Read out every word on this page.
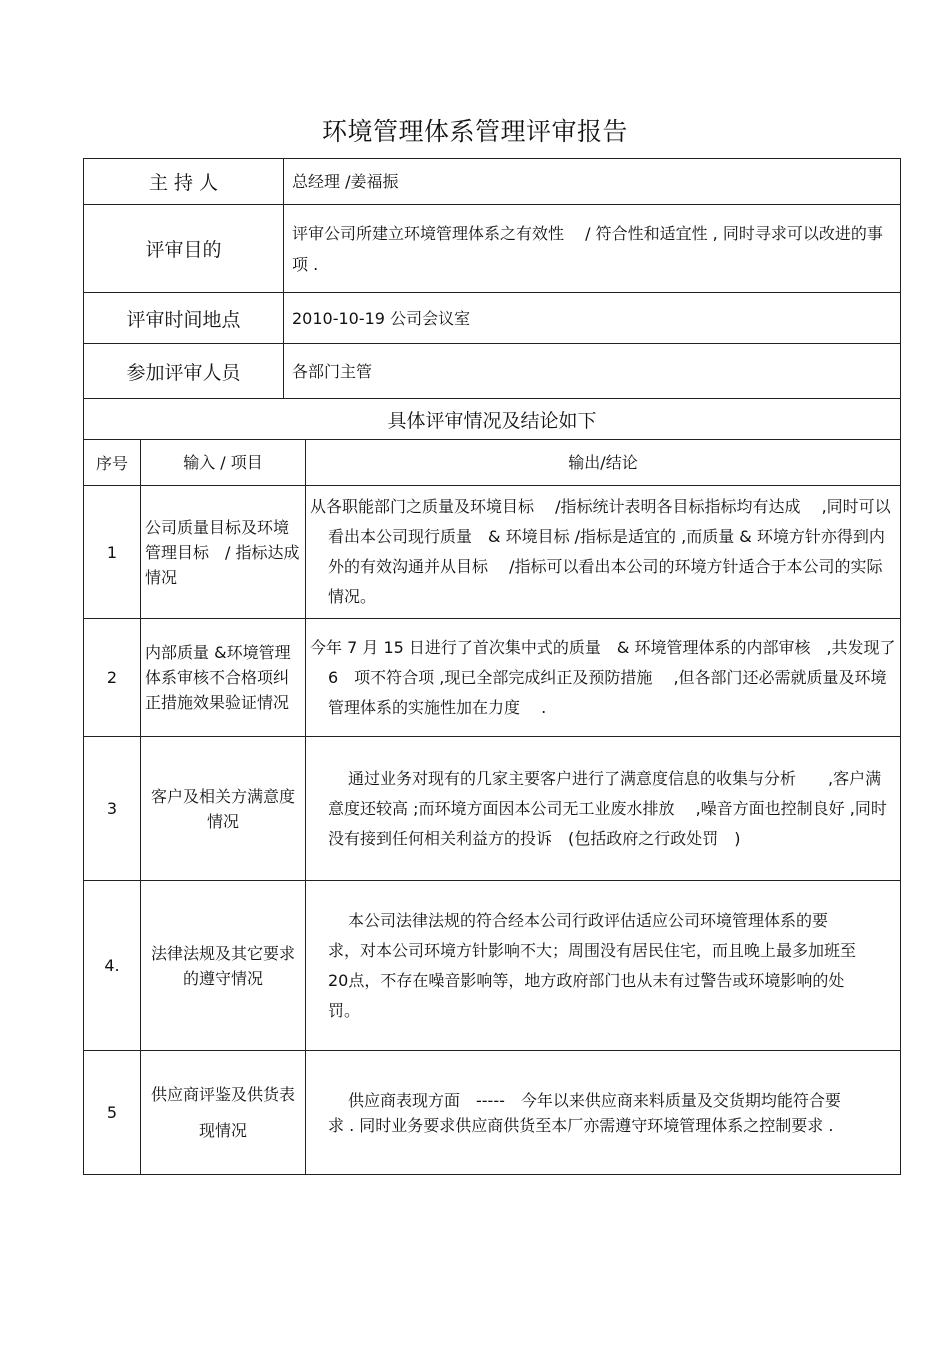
环境管理体系管理评审报告
主 持 人	总经理 /姜福振
评审目的	评审公司所建立环境管理体系之有效性　 / 符合性和适宜性 , 同时寻求可以改进的事项 .
评审时间地点	2010-10-19 公司会议室
参加评审人员	各部门主管
具体评审情况及结论如下	
序号	输入 / 项目	输出/结论
1	公司质量目标及环境管理目标　/ 指标达成情况	从各职能部门之质量及环境目标　 /指标统计表明各目标指标均有达成　 ,同时可以看出本公司现行质量　& 环境目标 /指标是适宜的 ,而质量 & 环境方针亦得到内外的有效沟通并从目标　 /指标可以看出本公司的环境方针适合于本公司的实际情况。

2	内部质量 &环境管理体系审核不合格项纠正措施效果验证情况	今年 7 月 15 日进行了首次集中式的质量　& 环境管理体系的内部审核　,共发现了　6　项不符合项 ,现已全部完成纠正及预防措施　 ,但各部门还必需就质量及环境管理体系的实施性加在力度　 .

3	客户及相关方满意度情况	通过业务对现有的几家主要客户进行了满意度信息的收集与分析　　,客户满意度还较高 ;而环境方面因本公司无工业废水排放　 ,噪音方面也控制良好 ,同时没有接到任何相关利益方的投诉　(包括政府之行政处罚　)

4.	法律法规及其它要求的遵守情况	本公司法律法规的符合经本公司行政评估适应公司环境管理体系的要求，对本公司环境方针影响不大；周围没有居民住宅，而且晚上最多加班至　20点，不存在噪音影响等，地方政府部门也从未有过警告或环境影响的处罚。

5	供应商评鉴及供货表现情况	供应商表现方面　-----　今年以来供应商来料质量及交货期均能符合要求 . 同时业务要求供应商供货至本厂亦需遵守环境管理体系之控制要求 .
